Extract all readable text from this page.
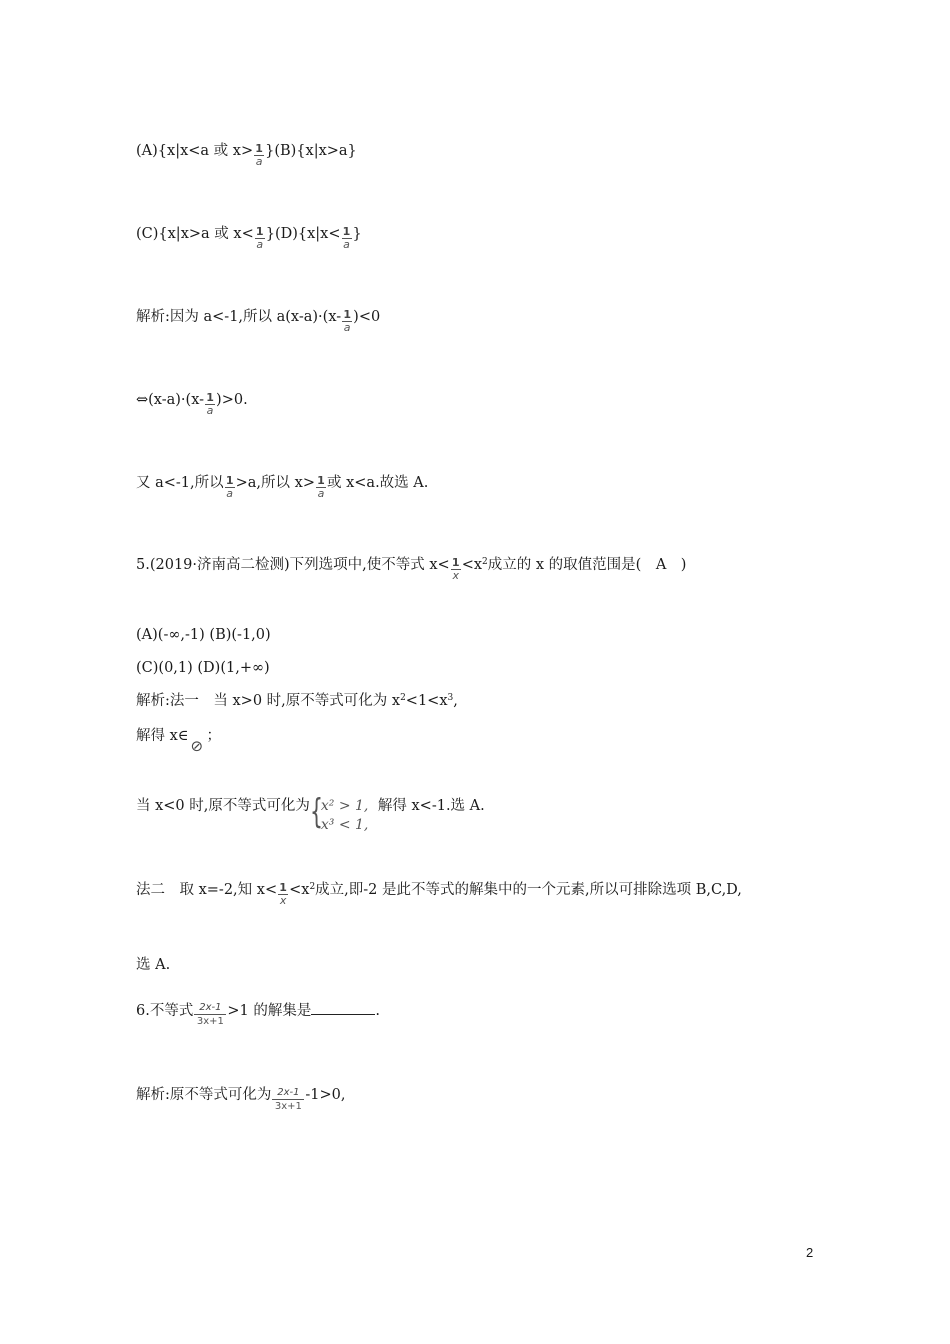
(A){x|x<a 或 $x> \frac{1}{a} \}(B)\{x|x>a\}$
(C){x|x>a 或 $x< \frac{1}{a} \}(D)\{x|x< \frac{1}{a}$ }
解析:因为 a<-1,所以 $a(x-a)\cdot(x- \frac{1}{a} )<0$
⇔(x-a)·(x- $\frac{1}{a} )>0$.
又 a<-1,所以 $\frac{1}{a} >a$,所以 $x> \frac{1}{a}$ 或 x<a.故选 A.
5.(2019·济南高二检测)下列选项中,使不等式 $x< \frac{1}{x} <x^2$成立的 x 的取值范围是(　A　)
(A)(-∞,-1) (B)(-1,0)
(C)(0,1) (D)(1,+∞)
解析:法一　当 x>0 时,原不等式可化为 $x^2<1<x^3$,
解得 x∈
⊘
；
当 x<0 时,原不等式可化为 {
x² > 1,
x³ < 1,
解得 x<-1.选 A.
法二　取 x=-2,知 $x< \frac{1}{x} <x^2$成立,即-2 是此不等式的解集中的一个元素,所以可排除选项 B,C,D,
选 A.
6.不等式 $\frac{2x-1}{3x+1} >1$ 的解集是	.
解析:原不等式可化为 $\frac{2x-1}{3x+1} -1>0$,
2
